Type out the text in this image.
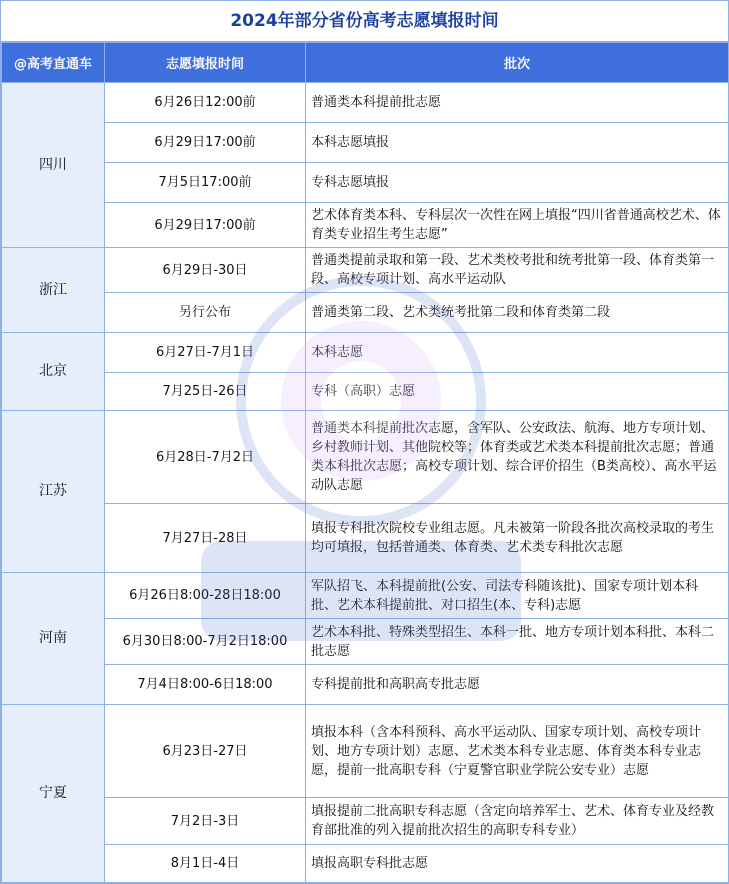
2024年部分省份高考志愿填报时间
@高考直通车	志愿填报时间	批次
四川	6月26日12:00前	普通类本科提前批志愿
	6月29日17:00前	本科志愿填报
	7月5日17:00前	专科志愿填报
	6月29日17:00前	艺术体育类本科、专科层次一次性在网上填报“四川省普通高校艺术、体育类专业招生考生志愿”
浙江	6月29日-30日	普通类提前录取和第一段、艺术类校考批和统考批第一段、体育类第一段、高校专项计划、高水平运动队
	另行公布	普通类第二段、艺术类统考批第二段和体育类第二段
北京	6月27日-7月1日	本科志愿
	7月25日-26日	专科（高职）志愿
江苏	6月28日-7月2日	普通类本科提前批次志愿，含军队、公安政法、航海、地方专项计划、乡村教师计划、其他院校等；体育类或艺术类本科提前批次志愿；普通类本科批次志愿；高校专项计划、综合评价招生（B类高校）、高水平运动队志愿
	7月27日-28日	填报专科批次院校专业组志愿。凡未被第一阶段各批次高校录取的考生均可填报，包括普通类、体育类、艺术类专科批次志愿
河南	6月26日8:00-28日18:00	军队招飞、本科提前批(公安、司法专科随该批)、国家专项计划本科批、艺术本科提前批、对口招生(本、专科)志愿
	6月30日8:00-7月2日18:00	艺术本科批、特殊类型招生、本科一批、地方专项计划本科批、本科二批志愿
	7月4日8:00-6日18:00	专科提前批和高职高专批志愿
宁夏	6月23日-27日	填报本科（含本科预科、高水平运动队、国家专项计划、高校专项计划、地方专项计划）志愿、艺术类本科专业志愿、体育类本科专业志愿，提前一批高职专科（宁夏警官职业学院公安专业）志愿
	7月2日-3日	填报提前二批高职专科志愿（含定向培养军士、艺术、体育专业及经教育部批准的列入提前批次招生的高职专科专业）
	8月1日-4日	填报高职专科批志愿
